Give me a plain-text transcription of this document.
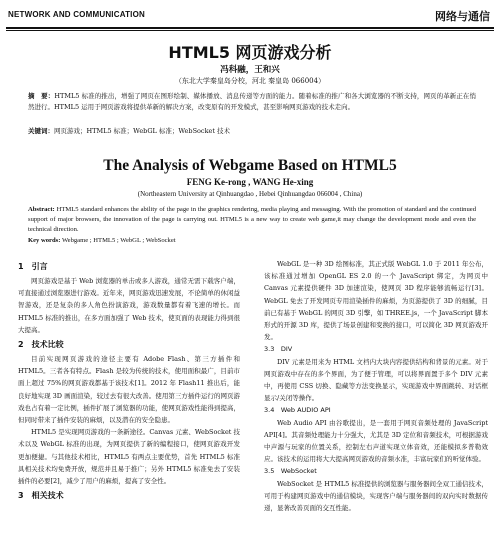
NETWORK AND COMMUNICATION	网络与通信
HTML5 网页游戏分析
冯科融，王和兴
（东北大学秦皇岛分校，河北 秦皇岛 066004）
摘　要：HTML5 标准的推出，增强了网页在图形绘制、媒体播放、消息传递等方面的能力。随着标准的推广和各大浏览器的不断支持，网页的革新正在悄然进行。HTML5 运用于网页游戏将提供革新的解决方案，改变原有的开发模式，甚至影响网页游戏的技术走向。
关键词：网页游戏；HTML5 标准；WebGL 标准；WebSocket 技术
The Analysis of Webgame Based on HTML5
FENG Ke-rong , WANG He-xing
(Northeastern University at Qinhuangdao , Hebei Qinhuangdao 066004 , China)
Abstract: HTML5 standard enhances the ability of the page in the graphics rendering, media playing and messaging. With the promotion of standard and the continued support of major browsers, the innovation of the page is carrying out. HTML5 is a new way to create web game,it may change the development mode and even the technical direction.
Key words: Webgame ; HTML5 ; WebGL ; WebSocket
1　引言

网页游戏是基于 Web 浏览器的单击或多人游戏，通常无需下载客户端，可直接通过浏览器进行游戏。近年来，网页游戏迅速发展，不论简单的休闲益智游戏，还是复杂的多人角色扮演游戏，游戏数量都有着飞速的增长。而 HTML5 标准的推出，在多方面加强了 Web 技术，使页面的表现能力得到很大提高。

2　技术比较

目前实现网页游戏的途径主要有 Adobe Flash、第三方插件和 HTML5。三者各有特点。Flash 是较为传统的技术，使用面积最广，目前市面上超过 75%的网页游戏都基于该技术[1]。2012 年 Flash11 推出后，能良好地实现 3D 画面渲染，较过去有很大改善。使用第三方插件运行的网页游戏也占有着一定比例，插件扩展了浏览器的功能，使网页游戏性能得到提高，但同时带来了插件安装的麻烦，以及潜在的安全隐患。

HTML5 是实现网页游戏的一条新途径。Canvas 元素、WebSocket 技术以及 WebGL 标准的出现，为网页提供了新的编程接口，使网页游戏开发更加便捷。与其他技术相比，HTML5 有两点主要优势，首先 HTML5 标准具相关技术均免费开放，规范并且易于推广；另外 HTML5 标准免去了安装插件的必要[2]，减少了用户的麻烦，提高了安全性。

3　相关技术

WebGL 是一种 3D 绘图标准，其正式版 WebGL 1.0 于 2011 年公布，该标准通过增加 OpenGL ES 2.0 的一个 JavaScript 绑定，为网页中 Canvas 元素提供硬件 3D 加速渲染，使网页 3D 程序能够流畅运行[3]。WebGL 免去了开发网页专用渲染插件的麻烦，为页游提供了 3D 的细腻，目前已有基于 WebGL 的网页 3D 引擎，如 THREE.js，一个 JavaScript 脚本形式的开源 3D 库，提供了场景创建和变换的接口，可以简化 3D 网页游戏开发。

3.3　DIV

DIV 元素是用来为 HTML 文档内大块内容提供结构和背景的元素。对于网页游戏中存在的多个界面，为了便于管理，可以将界面置于多个 DIV 元素中，再使用 CSS 切换、隐藏等方法变换显示，实现游戏中界面跳转、对话框显示/关闭等操作。

3.4　Web AUDIO API

Web Audio API 由谷歌提出，是一套用于网页音频处理的 JavaScript API[4]。其音频处理能力十分强大，尤其是 3D 定位和音频技术，可根据游戏中声源与玩家的位置关系，控制左右声道实现立体音效，还能模拟多普勒效应。该技术的运用将大大提高网页游戏的音频水准，丰富玩家们的听觉体验。

3.5　WebSocket

WebSocket 是 HTML5 标准提供的浏览器与服务器间全双工通信技术，可用于构建网页游戏中的通信模块，实现客户端与服务器间的双向实时数据传递，显著改善页面的交互性能。
